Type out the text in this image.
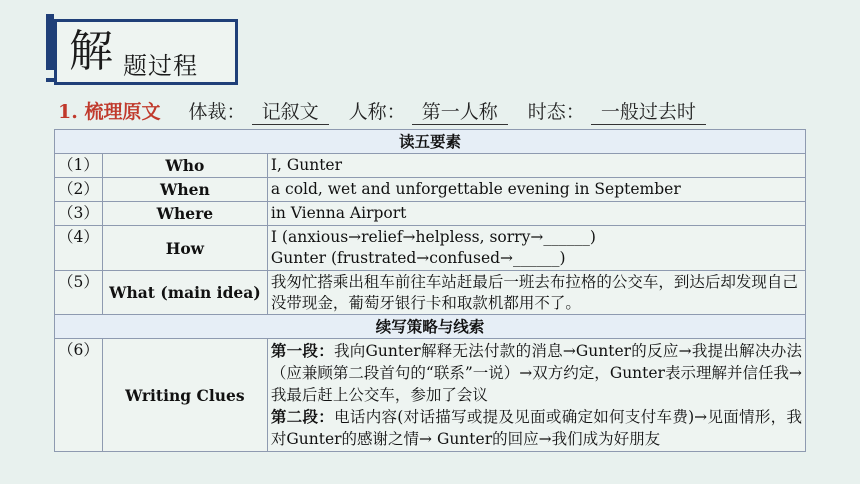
解 题过程
1. 梳理原文 体裁： 记叙文 人称： 第一人称 时态： 一般过去时
读五要素		
（1）	Who	I, Gunter
（2）	When	a cold, wet and unforgettable evening in September
（3）	Where	in Vienna Airport
（4）	How	I (anxious→relief→helpless, sorry→______)
Gunter (frustrated→confused→______)

（5）	What (main idea)	我匆忙搭乘出租车前往车站赶最后一班去布拉格的公交车，到达后却发现自己没带现金，葡萄牙银行卡和取款机都用不了。
续写策略与线索		
（6）	Writing Clues	第一段：我向Gunter解释无法付款的消息→Gunter的反应→我提出解决办法（应兼顾第二段首句的“联系”一说）→双方约定，Gunter表示理解并信任我→我最后赶上公交车，参加了会议
第二段：电话内容(对话描写或提及见面或确定如何支付车费)→见面情形，我对Gunter的感谢之情→ Gunter的回应→我们成为好朋友
